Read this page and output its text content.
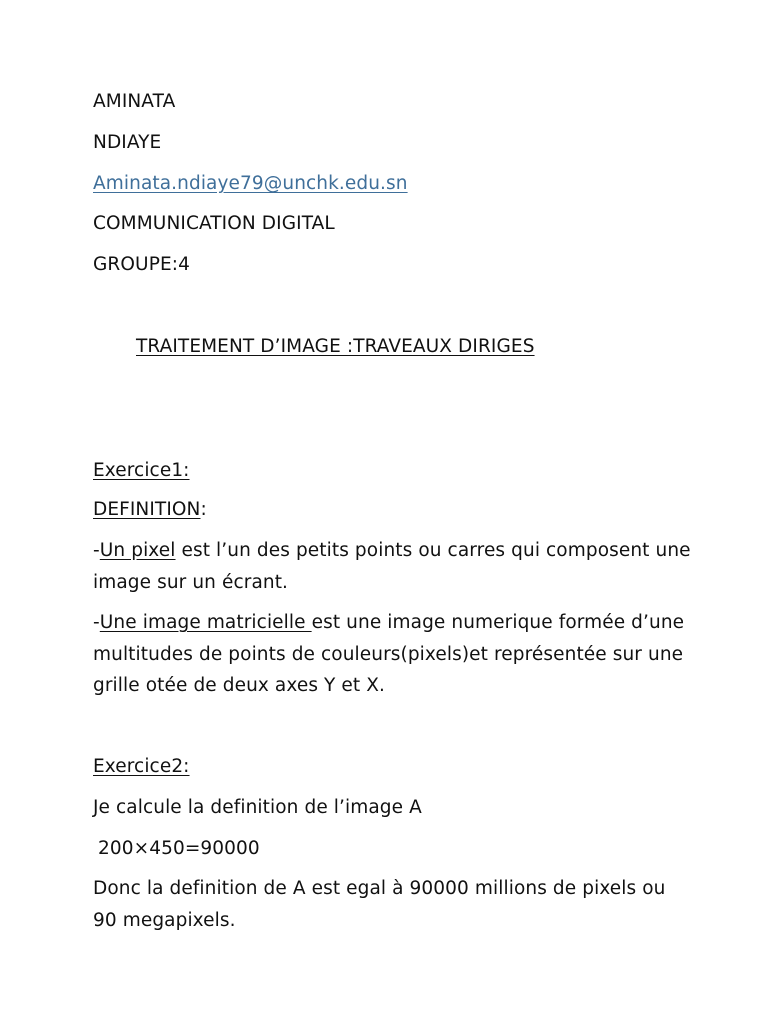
AMINATA
NDIAYE
Aminata.ndiaye79@unchk.edu.sn
COMMUNICATION DIGITAL
GROUPE:4
TRAITEMENT D’IMAGE :TRAVEAUX DIRIGES
Exercice1:
DEFINITION:
-Un pixel est l’un des petits points ou carres qui composent une image sur un écrant.
-Une image matricielle est une image numerique formée d’une multitudes de points de couleurs(pixels)et représentée sur une grille otée de deux axes Y et X.
Exercice2:
Je calcule la definition de l’image A
200×450=90000
Donc la definition de A est egal à 90000 millions de pixels ou 90 megapixels.
